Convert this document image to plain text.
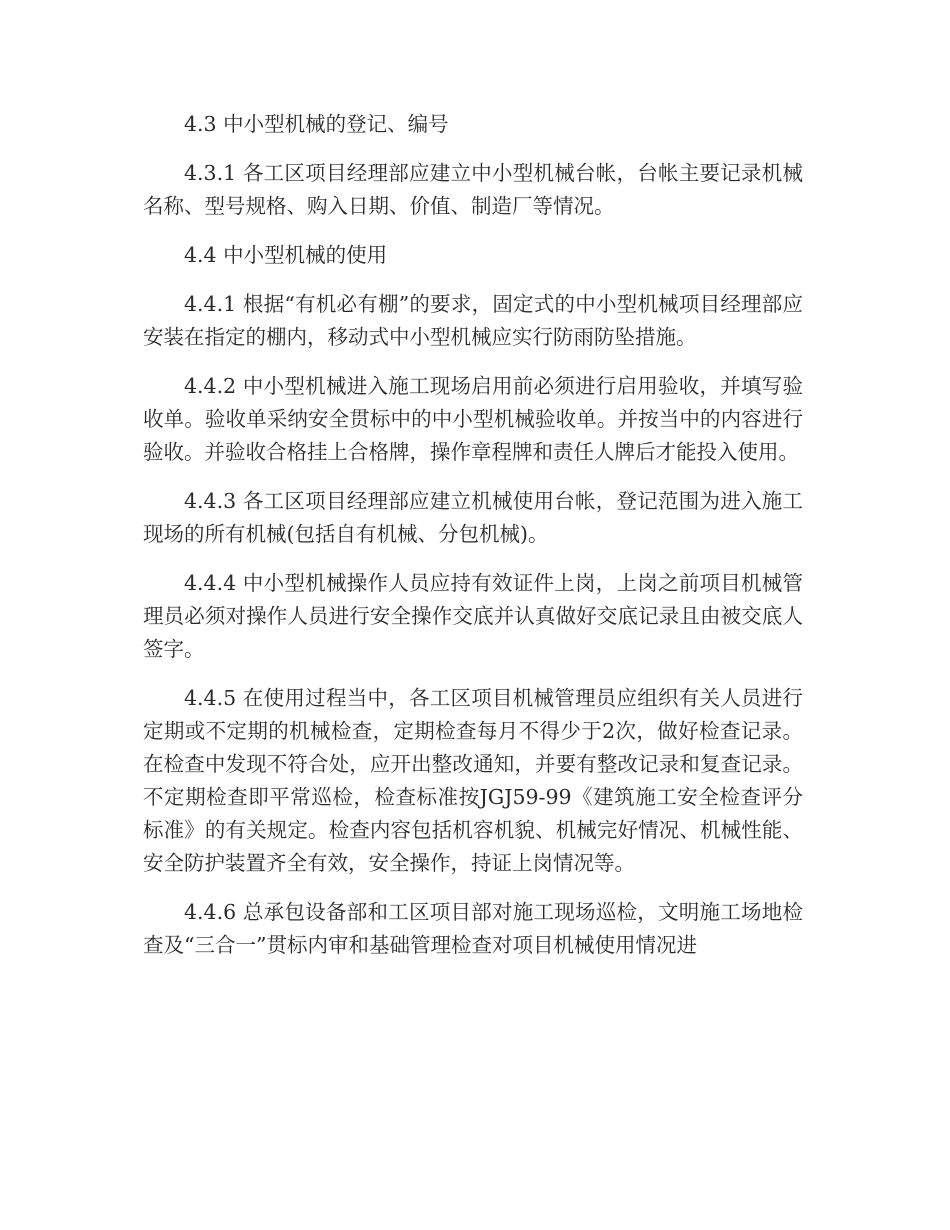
4.3 中小型机械的登记、编号

4.3.1 各工区项目经理部应建立中小型机械台帐，台帐主要记录机械名称、型号规格、购入日期、价值、制造厂等情况。

4.4 中小型机械的使用

4.4.1 根据“有机必有棚”的要求，固定式的中小型机械项目经理部应安装在指定的棚内，移动式中小型机械应实行防雨防坠措施。

4.4.2 中小型机械进入施工现场启用前必须进行启用验收，并填写验收单。验收单采纳安全贯标中的中小型机械验收单。并按当中的内容进行验收。并验收合格挂上合格牌，操作章程牌和责任人牌后才能投入使用。

4.4.3 各工区项目经理部应建立机械使用台帐，登记范围为进入施工现场的所有机械(包括自有机械、分包机械)。

4.4.4 中小型机械操作人员应持有效证件上岗，上岗之前项目机械管理员必须对操作人员进行安全操作交底并认真做好交底记录且由被交底人签字。

4.4.5 在使用过程当中，各工区项目机械管理员应组织有关人员进行定期或不定期的机械检查，定期检查每月不得少于2次，做好检查记录。在检查中发现不符合处，应开出整改通知，并要有整改记录和复查记录。不定期检查即平常巡检，检查标准按JGJ59-99《建筑施工安全检查评分标准》的有关规定。检查内容包括机容机貌、机械完好情况、机械性能、安全防护装置齐全有效，安全操作，持证上岗情况等。

4.4.6 总承包设备部和工区项目部对施工现场巡检，文明施工场地检查及“三合一”贯标内审和基础管理检查对项目机械使用情况进
